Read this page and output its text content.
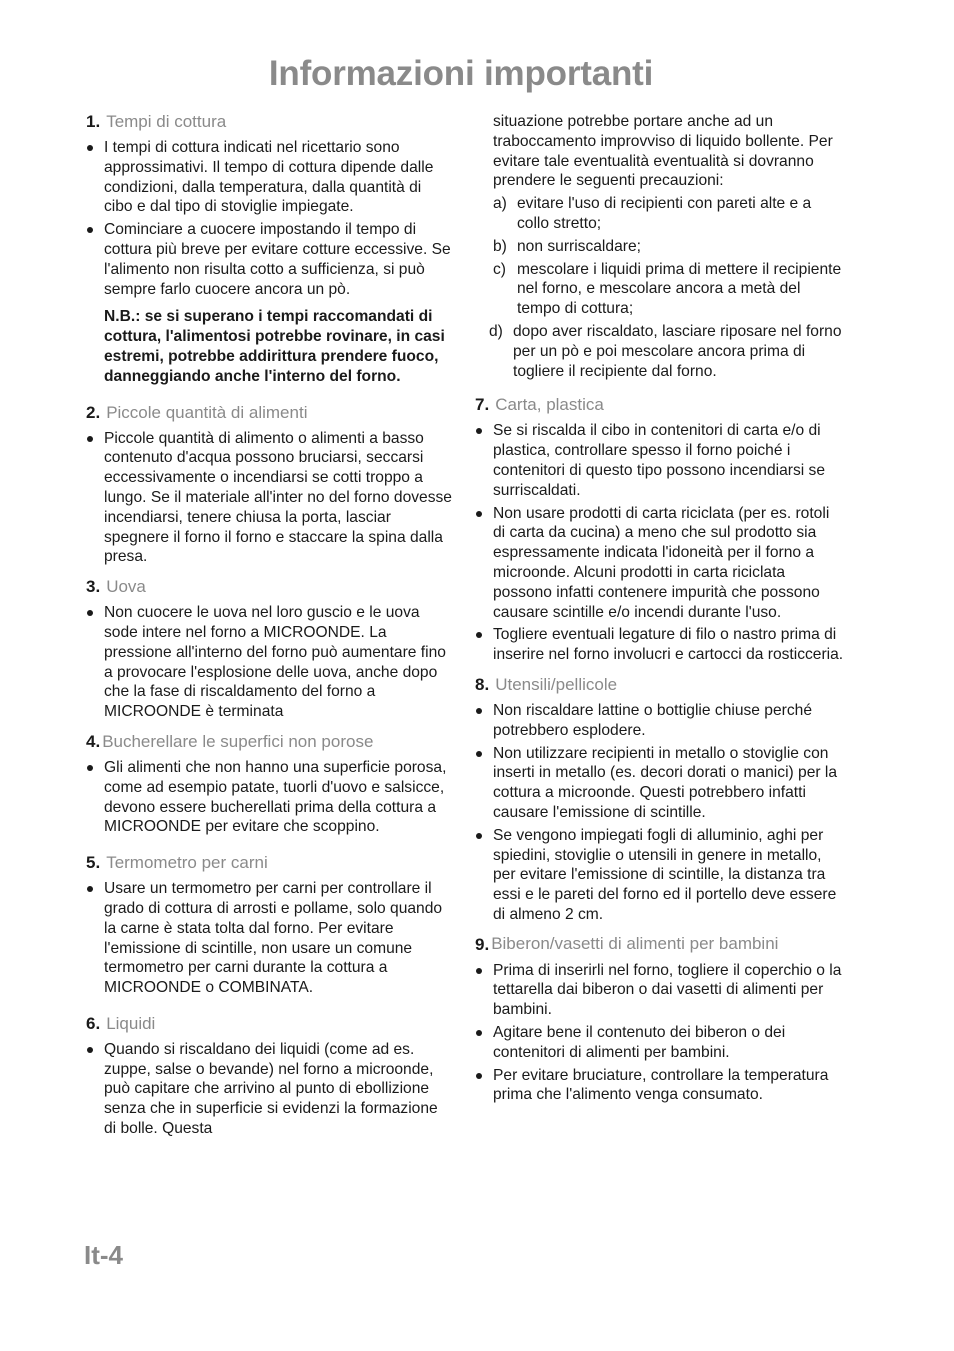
Informazioni importanti
1. Tempi di cottura
I tempi di cottura indicati nel ricettario sono approssimativi. Il tempo di cottura dipende dalle condizioni, dalla temperatura, dalla quantità di cibo e dal tipo di stoviglie impiegate.
Cominciare a cuocere impostando il tempo di cottura più breve per evitare cotture eccessive. Se l'alimento non risulta cotto a sufficienza, si può sempre farlo cuocere ancora un pò.
N.B.: se si superano i tempi raccomandati di cottura, l'alimentosi potrebbe rovinare, in casi estremi, potrebbe addirittura prendere fuoco, danneggiando anche l'interno del forno.
2. Piccole quantità di alimenti
Piccole quantità di alimento o alimenti a basso contenuto d'acqua possono bruciarsi, seccarsi eccessivamente o incendiarsi se cotti troppo a lungo. Se il materiale all'inter no del forno dovesse incendiarsi, tenere chiusa la porta, lasciar spegnere il forno il forno e staccare la spina dalla presa.
3. Uova
Non cuocere le uova nel loro guscio e le uova sode intere nel forno a MICROONDE. La pressione all'interno del forno può aumentare fino a provocare l'esplosione delle uova, anche dopo che la fase di riscaldamento del forno a MICROONDE è terminata
4. Bucherellare le superfici non porose
Gli alimenti che non hanno una superficie porosa, come ad esempio patate, tuorli d'uovo e salsicce, devono essere bucherellati prima della cottura a MICROONDE per evitare che scoppino.
5. Termometro per carni
Usare un termometro per carni per controllare il grado di cottura di arrosti e pollame, solo quando la carne è stata tolta dal forno. Per evitare l'emissione di scintille, non usare un comune termometro per carni durante la cottura a MICROONDE o COMBINATA.
6. Liquidi
Quando si riscaldano dei liquidi (come ad es. zuppe, salse o bevande) nel forno a microonde, può capitare che arrivino al punto di ebollizione senza che in superficie si evidenzi la formazione di bolle. Questa
situazione potrebbe portare anche ad un traboccamento improvviso di liquido bollente. Per evitare tale eventualità eventualità si dovranno prendere le seguenti precauzioni:
a) evitare l'uso di recipienti con pareti alte e a collo stretto;
b) non surriscaldare;
c) mescolare i liquidi prima di mettere il recipiente nel forno, e mescolare ancora a metà del tempo di cottura;
d) dopo aver riscaldato, lasciare riposare nel forno per un pò e poi mescolare ancora prima di togliere il recipiente dal forno.
7. Carta, plastica
Se si riscalda il cibo in contenitori di carta e/o di plastica, controllare spesso il forno poiché i contenitori di questo tipo possono incendiarsi se surriscaldati.
Non usare prodotti di carta riciclata (per es. rotoli di carta da cucina) a meno che sul prodotto sia espressamente indicata l'idoneità per il forno a microonde. Alcuni prodotti in carta riciclata possono infatti contenere impurità che possono causare scintille e/o incendi durante l'uso.
Togliere eventuali legature di filo o nastro prima di inserire nel forno involucri e cartocci da rosticceria.
8. Utensili/pellicole
Non riscaldare lattine o bottiglie chiuse perché potrebbero esplodere.
Non utilizzare recipienti in metallo o stoviglie con inserti in metallo (es. decori dorati o manici) per la cottura a microonde. Questi potrebbero infatti causare l'emissione di scintille.
Se vengono impiegati fogli di alluminio, aghi per spiedini, stoviglie o utensili in genere in metallo, per evitare l'emissione di scintille, la distanza tra essi e le pareti del forno ed il portello deve essere di almeno 2 cm.
9. Biberon/vasetti di alimenti per bambini
Prima di inserirli nel forno, togliere il coperchio o la tettarella dai biberon o dai vasetti di alimenti per bambini.
Agitare bene il contenuto dei biberon o dei contenitori di alimenti per bambini.
Per evitare bruciature, controllare la temperatura prima che l'alimento venga consumato.
It-4
